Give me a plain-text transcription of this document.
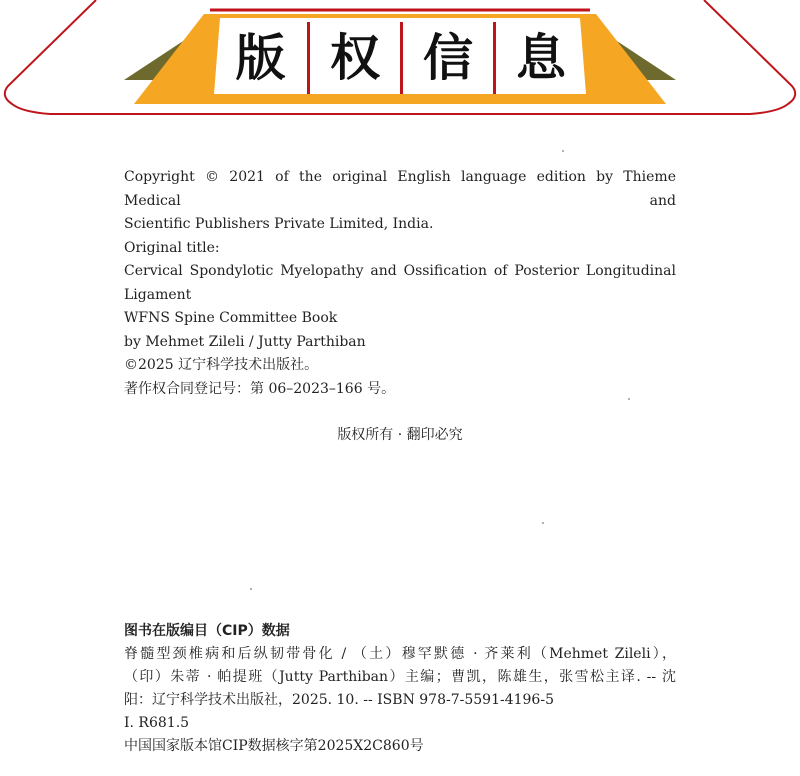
版 权 信 息
Copyright © 2021 of the original English language edition by Thieme Medical and
Scientific Publishers Private Limited, India.
Original title:
Cervical Spondylotic Myelopathy and Ossification of Posterior Longitudinal
Ligament
WFNS Spine Committee Book
by Mehmet Zileli / Jutty Parthiban
©2025 辽宁科学技术出版社。
著作权合同登记号：第 06–2023–166 号。
版权所有 · 翻印必究
图书在版编目（CIP）数据
脊髓型颈椎病和后纵韧带骨化 / （土）穆罕默德 · 齐莱利（Mehmet Zileli），
（印）朱蒂 · 帕提班（Jutty Parthiban）主编；曹凯，陈雄生，张雪松主译. -- 沈
阳：辽宁科学技术出版社，2025. 10. -- ISBN 978-7-5591-4196-5
Ⅰ. R681.5
中国国家版本馆CIP数据核字第2025X2C860号
